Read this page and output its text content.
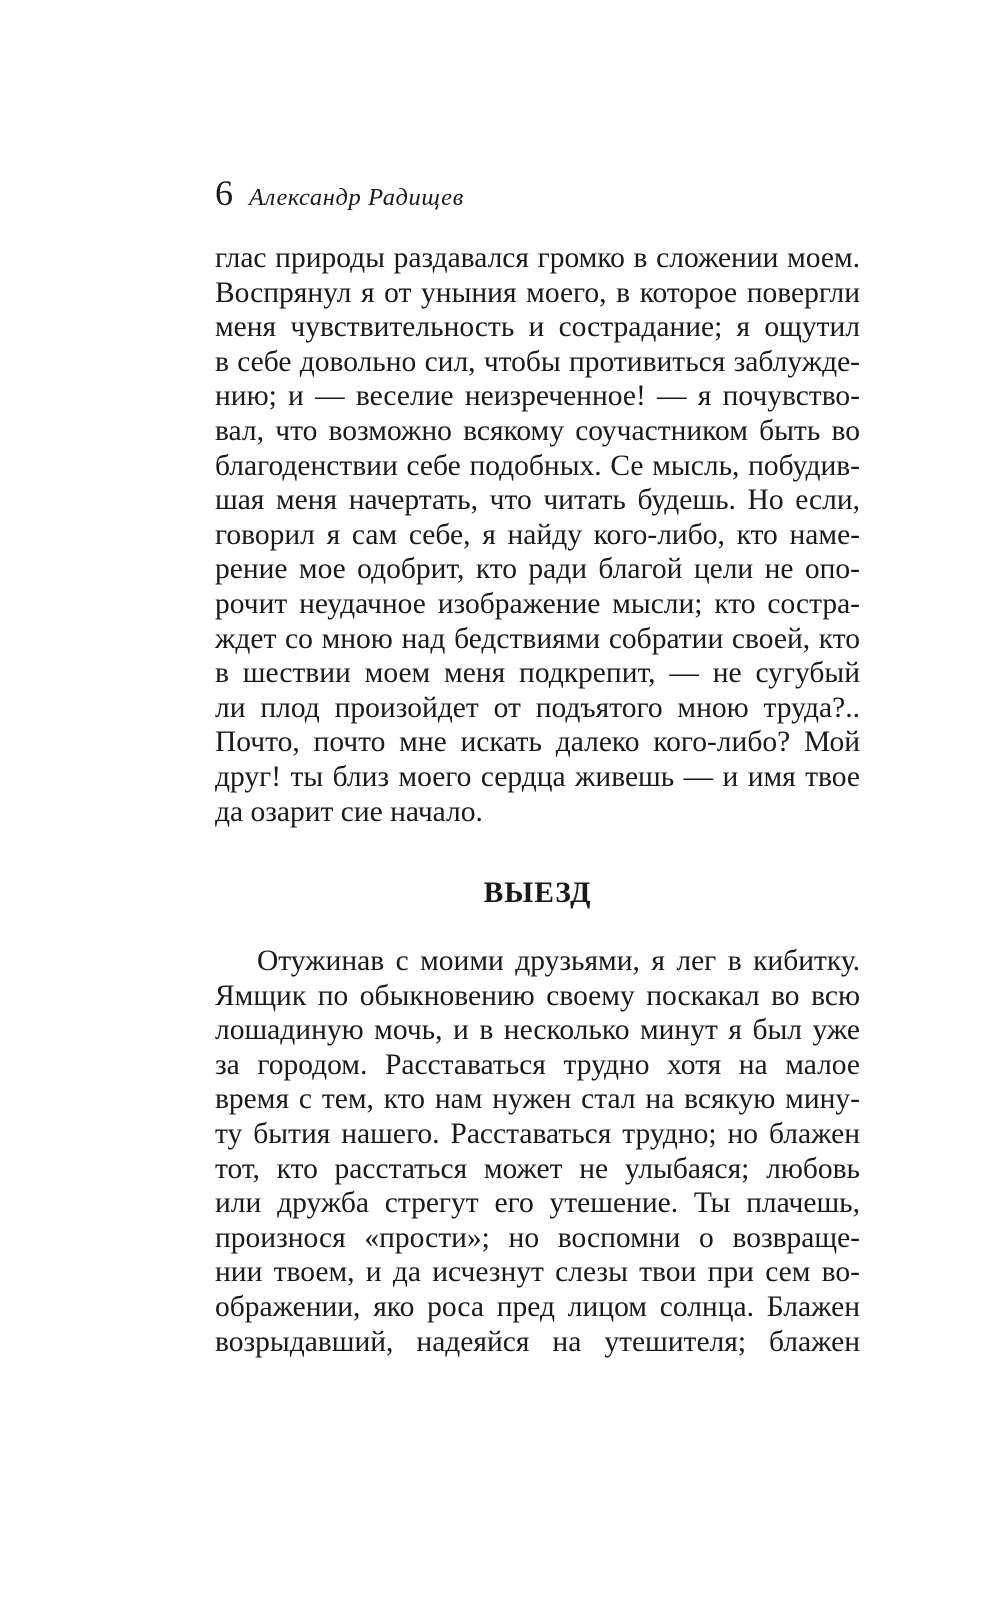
6 Александр Радищев
глас природы раздавался громко в сложении моем.
Воспрянул я от уныния моего, в которое повергли
меня чувствительность и сострадание; я ощутил
в себе довольно сил, чтобы противиться заблужде-
нию; и — веселие неизреченное! — я почувство-
вал, что возможно всякому соучастником быть во
благоденствии себе подобных. Се мысль, побудив-
шая меня начертать, что читать будешь. Но если,
говорил я сам себе, я найду кого-либо, кто наме-
рение мое одобрит, кто ради благой цели не опо-
рочит неудачное изображение мысли; кто состра-
ждет со мною над бедствиями собратии своей, кто
в шествии моем меня подкрепит, — не сугубый
ли плод произойдет от подъятого мною труда?..
Почто, почто мне искать далеко кого-либо? Мой
друг! ты близ моего сердца живешь — и имя твое
да озарит сие начало.
ВЫЕЗД
Отужинав с моими друзьями, я лег в кибитку.
Ямщик по обыкновению своему поскакал во всю
лошадиную мочь, и в несколько минут я был уже
за городом. Расставаться трудно хотя на малое
время с тем, кто нам нужен стал на всякую мину-
ту бытия нашего. Расставаться трудно; но блажен
тот, кто расстаться может не улыбаяся; любовь
или дружба стрегут его утешение. Ты плачешь,
произнося «прости»; но воспомни о возвраще-
нии твоем, и да исчезнут слезы твои при сем во-
ображении, яко роса пред лицом солнца. Блажен
возрыдавший, надеяйся на утешителя; блажен
